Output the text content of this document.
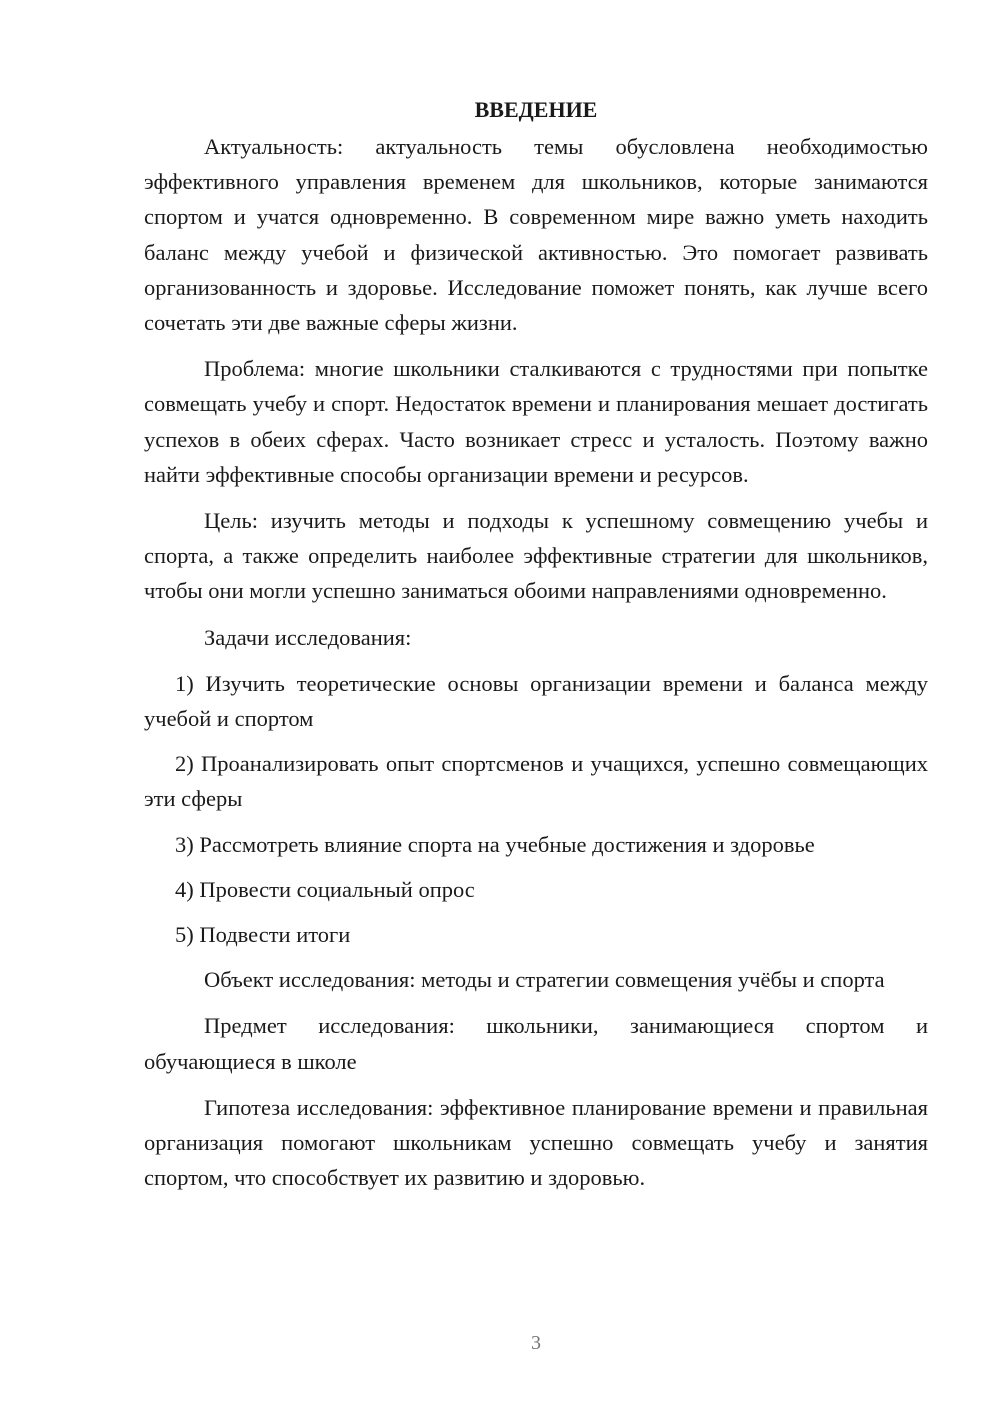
ВВЕДЕНИЕ

Актуальность: актуальность темы обусловлена необходимостью эффективного управления временем для школьников, которые занимаются спортом и учатся одновременно. В современном мире важно уметь находить баланс между учебой и физической активностью. Это помогает развивать организованность и здоровье. Исследование поможет понять, как лучше всего сочетать эти две важные сферы жизни.

Проблема: многие школьники сталкиваются с трудностями при попытке совмещать учебу и спорт. Недостаток времени и планирования мешает достигать успехов в обеих сферах. Часто возникает стресс и усталость. Поэтому важно найти эффективные способы организации времени и ресурсов.

Цель: изучить методы и подходы к успешному совмещению учебы и спорта, а также определить наиболее эффективные стратегии для школьников, чтобы они могли успешно заниматься обоими направлениями одновременно.

Задачи исследования:

1) Изучить теоретические основы организации времени и баланса между учебой и спортом

2) Проанализировать опыт спортсменов и учащихся, успешно совмещающих эти сферы

3) Рассмотреть влияние спорта на учебные достижения и здоровье

4) Провести социальный опрос

5) Подвести итоги

Объект исследования: методы и стратегии совмещения учёбы и спорта

Предмет исследования: школьники, занимающиеся спортом и обучающиеся в школе

Гипотеза исследования: эффективное планирование времени и правильная организация помогают школьникам успешно совмещать учебу и занятия спортом, что способствует их развитию и здоровью.

3
